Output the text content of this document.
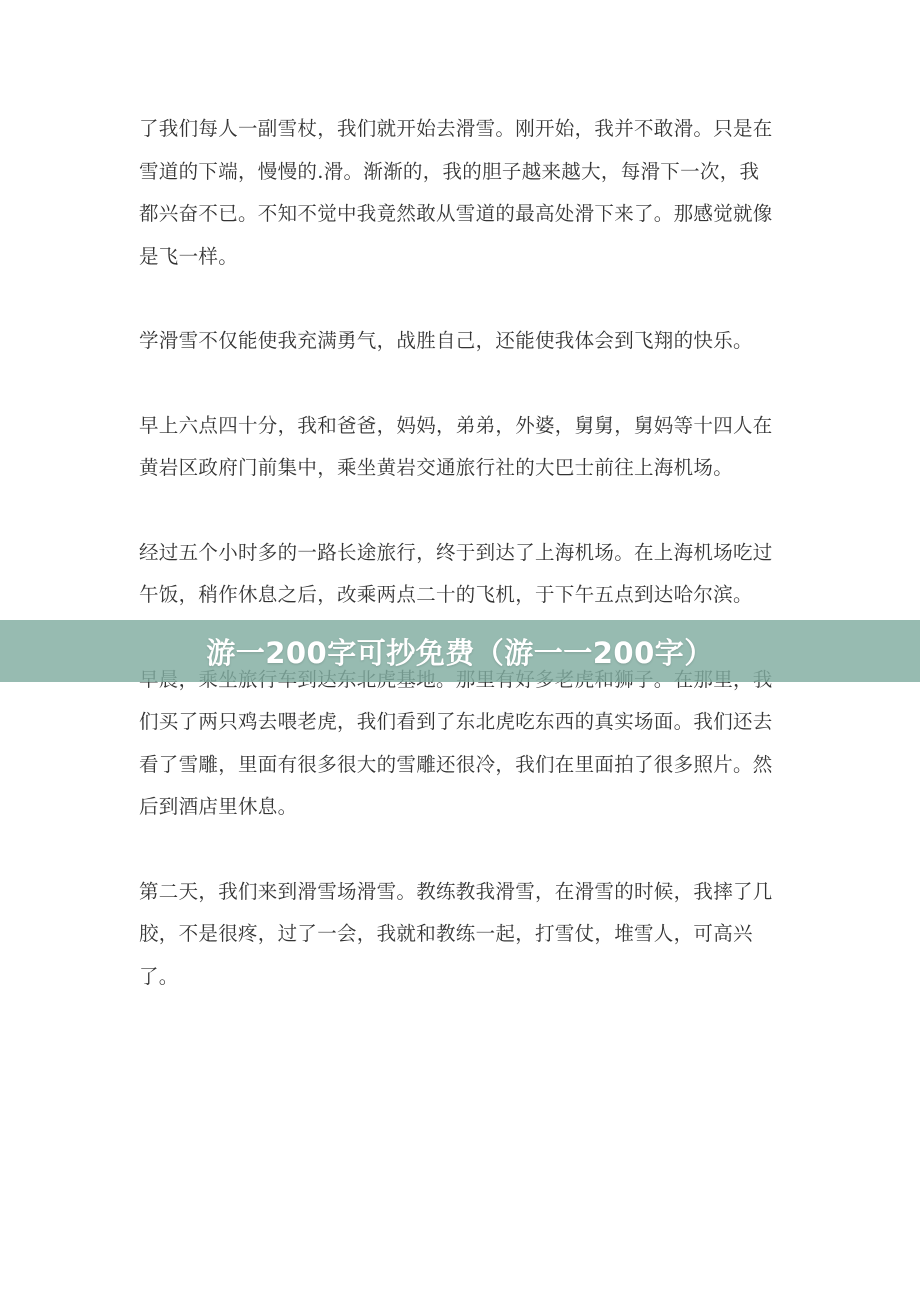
了我们每人一副雪杖，我们就开始去滑雪。刚开始，我并不敢滑。只是在雪道的下端，慢慢的.滑。渐渐的，我的胆子越来越大，每滑下一次，我都兴奋不已。不知不觉中我竟然敢从雪道的最高处滑下来了。那感觉就像是飞一样。

学滑雪不仅能使我充满勇气，战胜自己，还能使我体会到飞翔的快乐。

早上六点四十分，我和爸爸，妈妈，弟弟，外婆，舅舅，舅妈等十四人在黄岩区政府门前集中，乘坐黄岩交通旅行社的大巴士前往上海机场。

经过五个小时多的一路长途旅行，终于到达了上海机场。在上海机场吃过午饭，稍作休息之后，改乘两点二十的飞机，于下午五点到达哈尔滨。

们买了两只鸡去喂老虎，我们看到了东北虎吃东西的真实场面。我们还去看了雪雕，里面有很多很大的雪雕还很冷，我们在里面拍了很多照片。然后到酒店里休息。

第二天，我们来到滑雪场滑雪。教练教我滑雪，在滑雪的时候，我摔了几胶，不是很疼，过了一会，我就和教练一起，打雪仗，堆雪人，可高兴了。

游一200字可抄免费（游一一200字）
